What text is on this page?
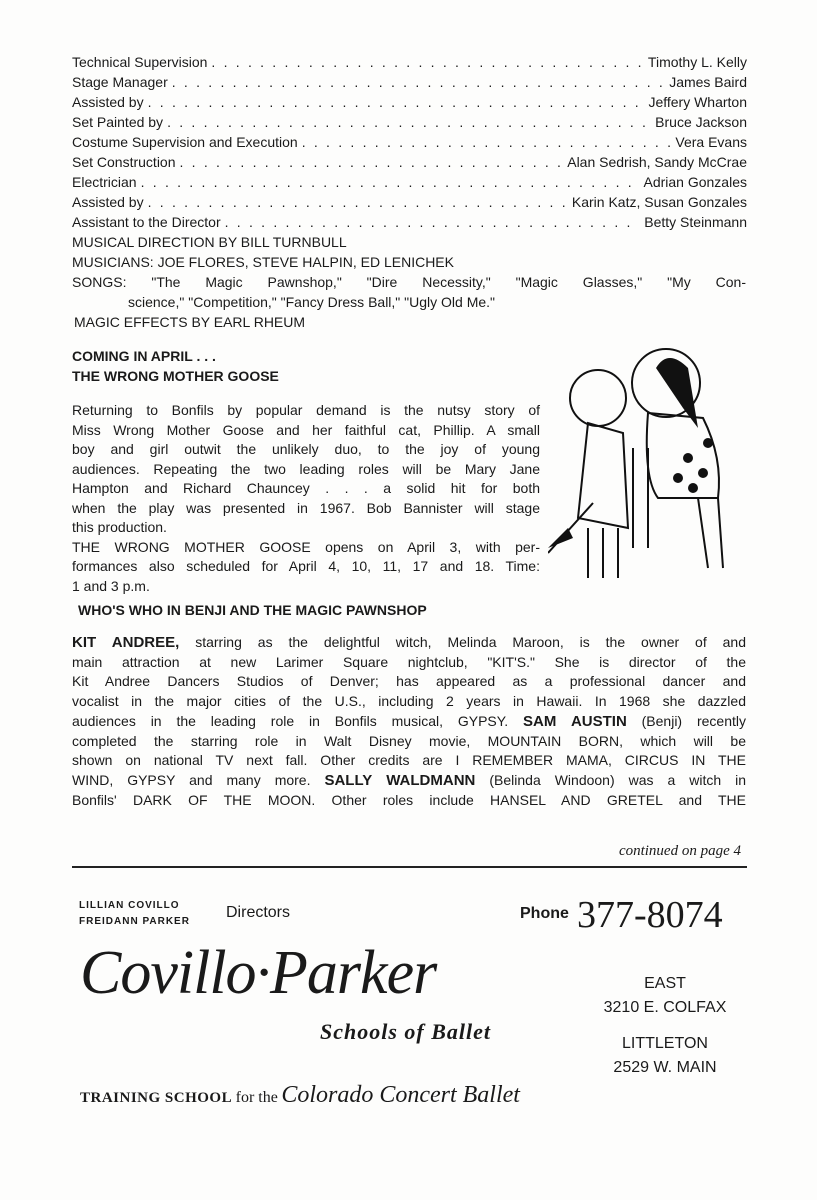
Technical Supervision . . .	Timothy L. Kelly
Stage Manager . . .	James Baird
Assisted by . . .	Jeffery Wharton
Set Painted by . . .	Bruce Jackson
Costume Supervision and Execution . . .	Vera Evans
Set Construction . . .	Alan Sedrish, Sandy McCrae
Electrician . . .	Adrian Gonzales
Assisted by . . .	Karin Katz, Susan Gonzales
Assistant to the Director . . .	Betty Steinmann
MUSICAL DIRECTION BY BILL TURNBULL
MUSICIANS: JOE FLORES, STEVE HALPIN, ED LENICHEK
SONGS: "The Magic Pawnshop," "Dire Necessity," "Magic Glasses," "My Con-
science," "Competition," "Fancy Dress Ball," "Ugly Old Me."
MAGIC EFFECTS BY EARL RHEUM
COMING IN APRIL . . .
THE WRONG MOTHER GOOSE
Returning to Bonfils by popular demand is the nutsy story of
Miss Wrong Mother Goose and her faithful cat, Phillip. A small
boy and girl outwit the unlikely duo, to the joy of young
audiences. Repeating the two leading roles will be Mary Jane
Hampton and Richard Chauncey . . . a solid hit for both
when the play was presented in 1967. Bob Bannister will stage
this production.
THE WRONG MOTHER GOOSE opens on April 3, with per-
formances also scheduled for April 4, 10, 11, 17 and 18. Time:
1 and 3 p.m.
WHO'S WHO IN BENJI AND THE MAGIC PAWNSHOP
KIT ANDREE, starring as the delightful witch, Melinda Maroon, is the owner of and
main attraction at new Larimer Square nightclub, "KIT'S." She is director of the
Kit Andree Dancers Studios of Denver; has appeared as a professional dancer and
vocalist in the major cities of the U.S., including 2 years in Hawaii. In 1968 she dazzled
audiences in the leading role in Bonfils musical, GYPSY. SAM AUSTIN (Benji) recently
completed the starring role in Walt Disney movie, MOUNTAIN BORN, which will be
shown on national TV next fall. Other credits are I REMEMBER MAMA, CIRCUS IN THE
WIND, GYPSY and many more. SALLY WALDMANN (Belinda Windoon) was a witch in
Bonfils' DARK OF THE MOON. Other roles include HANSEL AND GRETEL and THE
continued on page 4
LILLIAN COVILLO
FREIDANN PARKER
Directors	Phone 377-8074
Covillo·Parker
Schools of Ballet
EAST
3210 E. COLFAX
LITTLETON
2529 W. MAIN
TRAINING SCHOOL for the Colorado Concert Ballet
